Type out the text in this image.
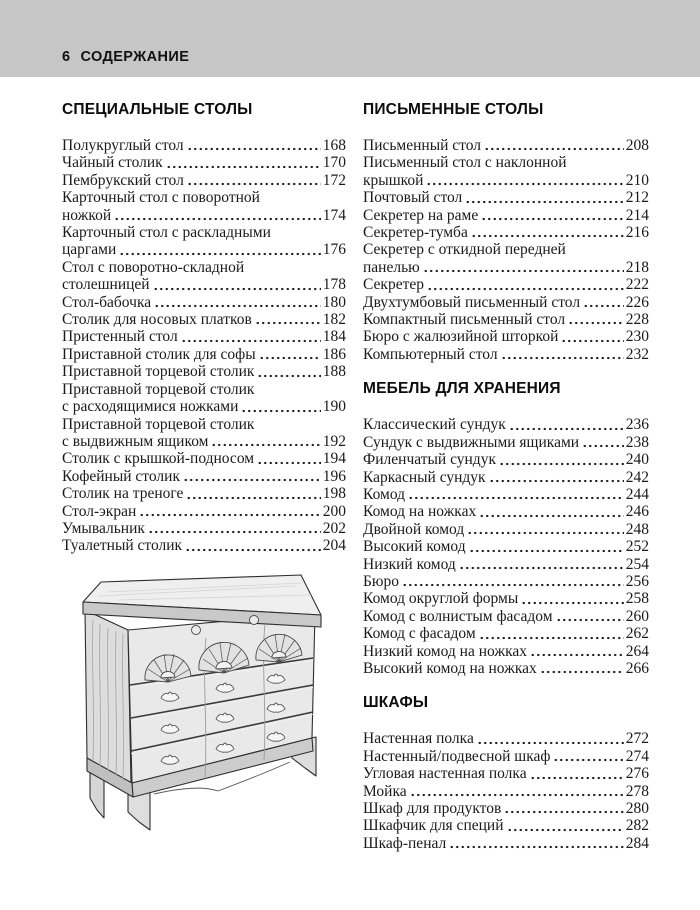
6 СОДЕРЖАНИЕ
СПЕЦИАЛЬНЫЕ СТОЛЫ
Полукруглый стол	168
Чайный столик	170
Пембрукский стол	172
Карточный стол с поворотной
ножкой	174
Карточный стол с раскладными
царгами	176
Стол с поворотно-складной
столешницей	178
Стол-бабочка	180
Столик для носовых платков	182
Пристенный стол	184
Приставной столик для софы	186
Приставной торцевой столик	188
Приставной торцевой столик
с расходящимися ножками	190
Приставной торцевой столик
с выдвижным ящиком	192
Столик с крышкой-подносом	194
Кофейный столик	196
Столик на треноге	198
Стол-экран	200
Умывальник	202
Туалетный столик	204
ПИСЬМЕННЫЕ СТОЛЫ
Письменный стол	208
Письменный стол с наклонной
крышкой	210
Почтовый стол	212
Секретер на раме	214
Секретер-тумба	216
Секретер с откидной передней
панелью	218
Секретер	222
Двухтумбовый письменный стол	226
Компактный письменный стол	228
Бюро с жалюзийной шторкой	230
Компьютерный стол	232
МЕБЕЛЬ ДЛЯ ХРАНЕНИЯ
Классический сундук	236
Сундук с выдвижными ящиками	238
Филенчатый сундук	240
Каркасный сундук	242
Комод	244
Комод на ножках	246
Двойной комод	248
Высокий комод	252
Низкий комод	254
Бюро	256
Комод округлой формы	258
Комод с волнистым фасадом	260
Комод с фасадом	262
Низкий комод на ножках	264
Высокий комод на ножках	266
ШКАФЫ
Настенная полка	272
Настенный/подвесной шкаф	274
Угловая настенная полка	276
Мойка	278
Шкаф для продуктов	280
Шкафчик для специй	282
Шкаф-пенал	284
